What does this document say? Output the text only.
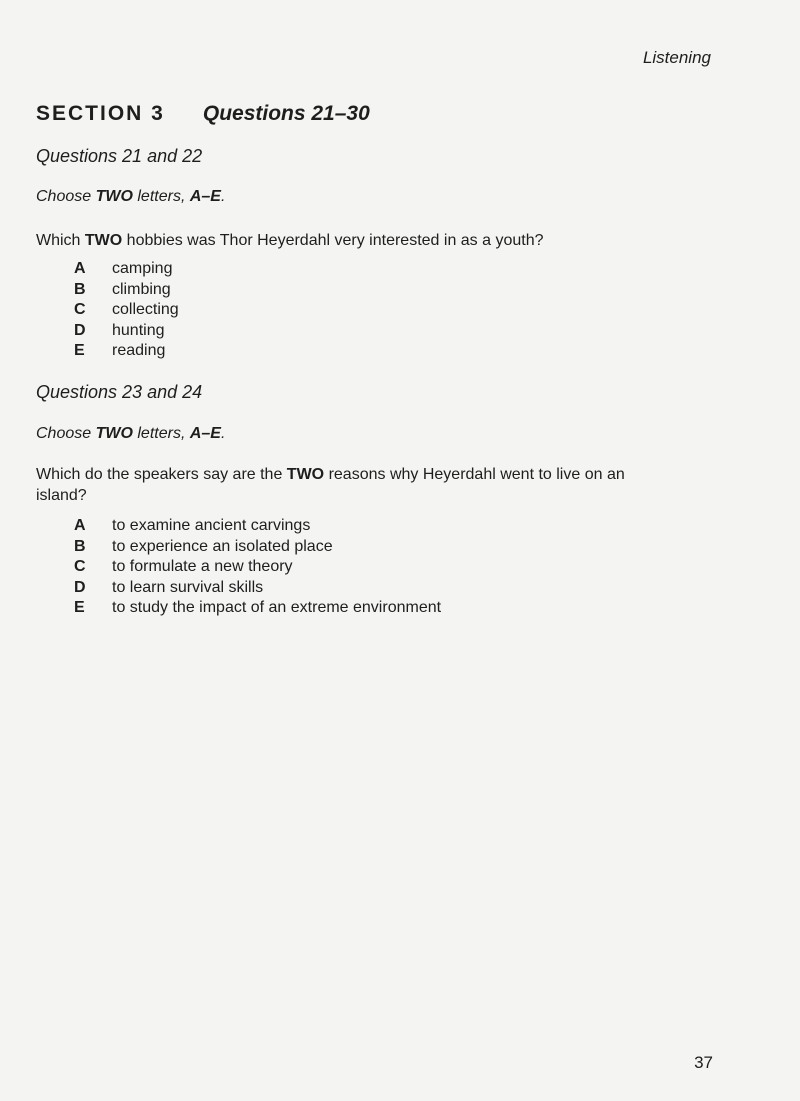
Listening
SECTION 3 Questions 21–30

Questions 21 and 22

Choose TWO letters, A–E.

Which TWO hobbies was Thor Heyerdahl very interested in as a youth?

A	camping
B	climbing
C	collecting
D	hunting
E	reading

Questions 23 and 24

Choose TWO letters, A–E.

Which do the speakers say are the TWO reasons why Heyerdahl went to live on an island?

A	to examine ancient carvings
B	to experience an isolated place
C	to formulate a new theory
D	to learn survival skills
E	to study the impact of an extreme environment
37
